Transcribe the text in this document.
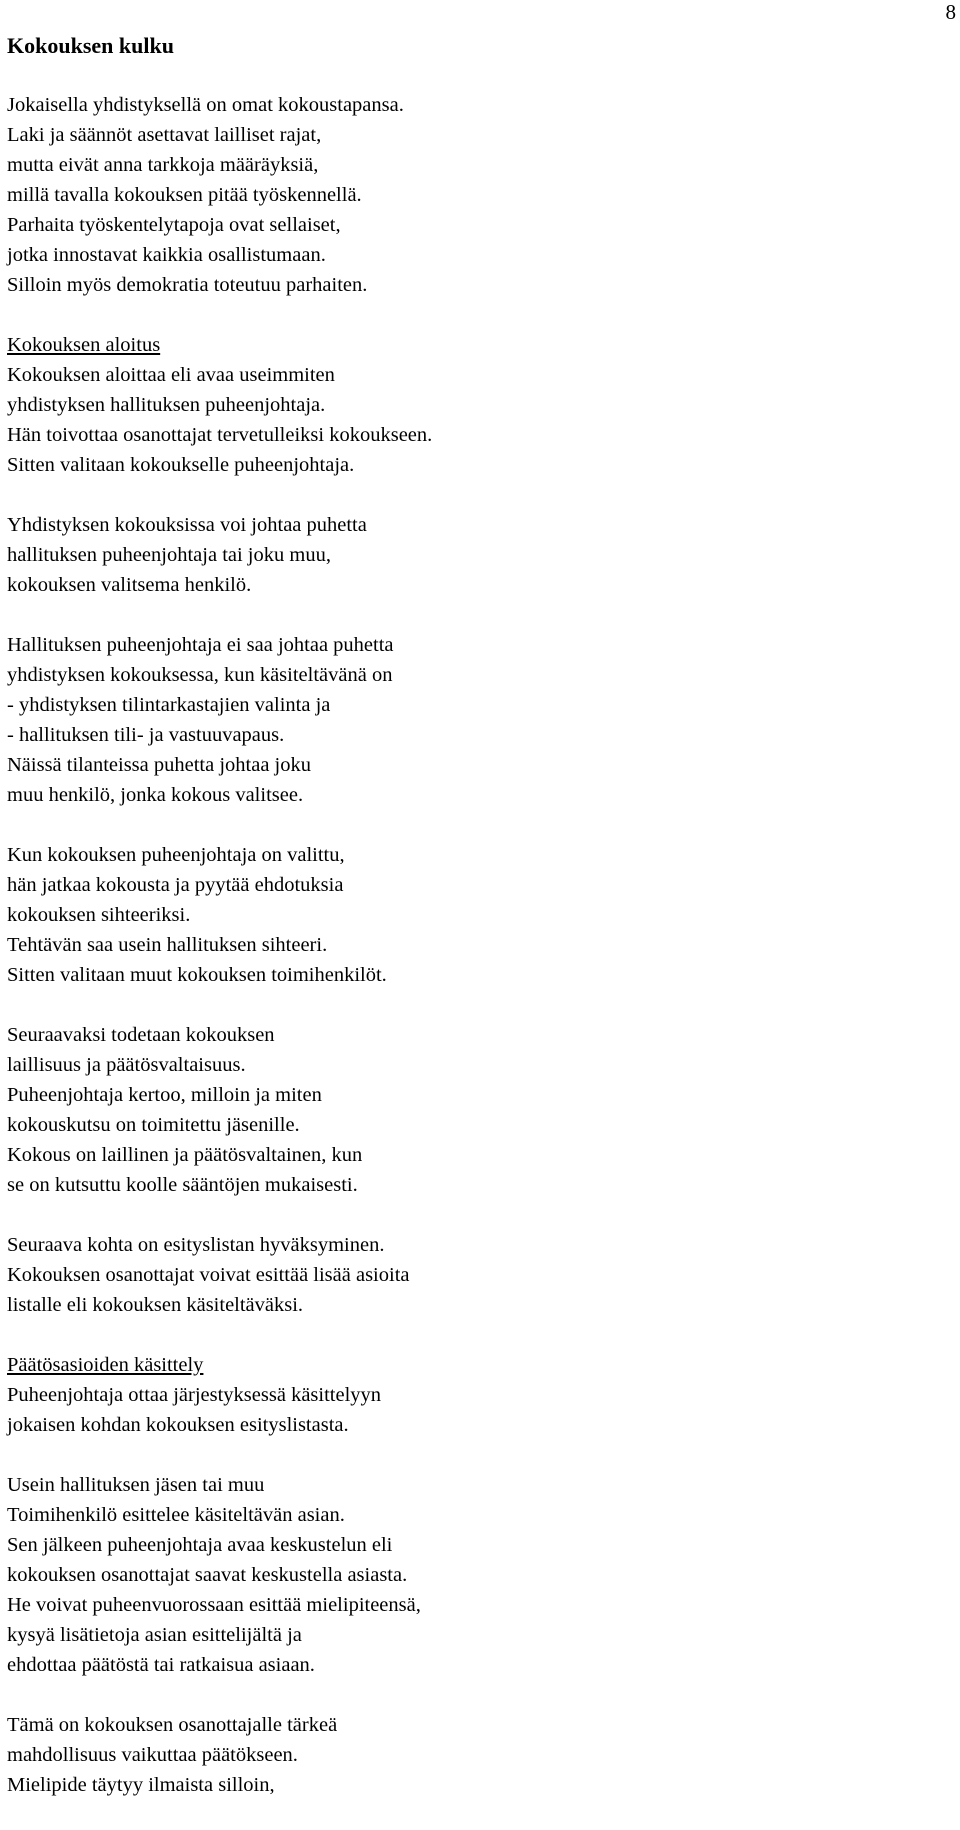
8
Kokouksen kulku
Jokaisella yhdistyksellä on omat kokoustapansa.
Laki ja säännöt asettavat lailliset rajat,
mutta eivät anna tarkkoja määräyksiä,
millä tavalla kokouksen pitää työskennellä.
Parhaita työskentelytapoja ovat sellaiset,
jotka innostavat kaikkia osallistumaan.
Silloin myös demokratia toteutuu parhaiten.
Kokouksen aloitus
Kokouksen aloittaa eli avaa useimmiten
yhdistyksen hallituksen puheenjohtaja.
Hän toivottaa osanottajat tervetulleiksi kokoukseen.
Sitten valitaan kokoukselle puheenjohtaja.
Yhdistyksen kokouksissa voi johtaa puhetta
hallituksen puheenjohtaja tai joku muu,
kokouksen valitsema henkilö.
Hallituksen puheenjohtaja ei saa johtaa puhetta
yhdistyksen kokouksessa, kun käsiteltävänä on
- yhdistyksen tilintarkastajien valinta ja
- hallituksen tili- ja vastuuvapaus.
Näissä tilanteissa puhetta johtaa joku
muu henkilö, jonka kokous valitsee.
Kun kokouksen puheenjohtaja on valittu,
hän jatkaa kokousta ja pyytää ehdotuksia
kokouksen sihteeriksi.
Tehtävän saa usein hallituksen sihteeri.
Sitten valitaan muut kokouksen toimihenkilöt.
Seuraavaksi todetaan kokouksen
laillisuus ja päätösvaltaisuus.
Puheenjohtaja kertoo, milloin ja miten
kokouskutsu on toimitettu jäsenille.
Kokous on laillinen ja päätösvaltainen, kun
se on kutsuttu koolle sääntöjen mukaisesti.
Seuraava kohta on esityslistan hyväksyminen.
Kokouksen osanottajat voivat esittää lisää asioita
listalle eli kokouksen käsiteltäväksi.
Päätösasioiden käsittely
Puheenjohtaja ottaa järjestyksessä käsittelyyn
jokaisen kohdan kokouksen esityslistasta.
Usein hallituksen jäsen tai muu
Toimihenkilö esittelee käsiteltävän asian.
Sen jälkeen puheenjohtaja avaa keskustelun eli
kokouksen osanottajat saavat keskustella asiasta.
He voivat puheenvuorossaan esittää mielipiteensä,
kysyä lisätietoja asian esittelijältä ja
ehdottaa päätöstä tai ratkaisua asiaan.
Tämä on kokouksen osanottajalle tärkeä
mahdollisuus vaikuttaa päätökseen.
Mielipide täytyy ilmaista silloin,
